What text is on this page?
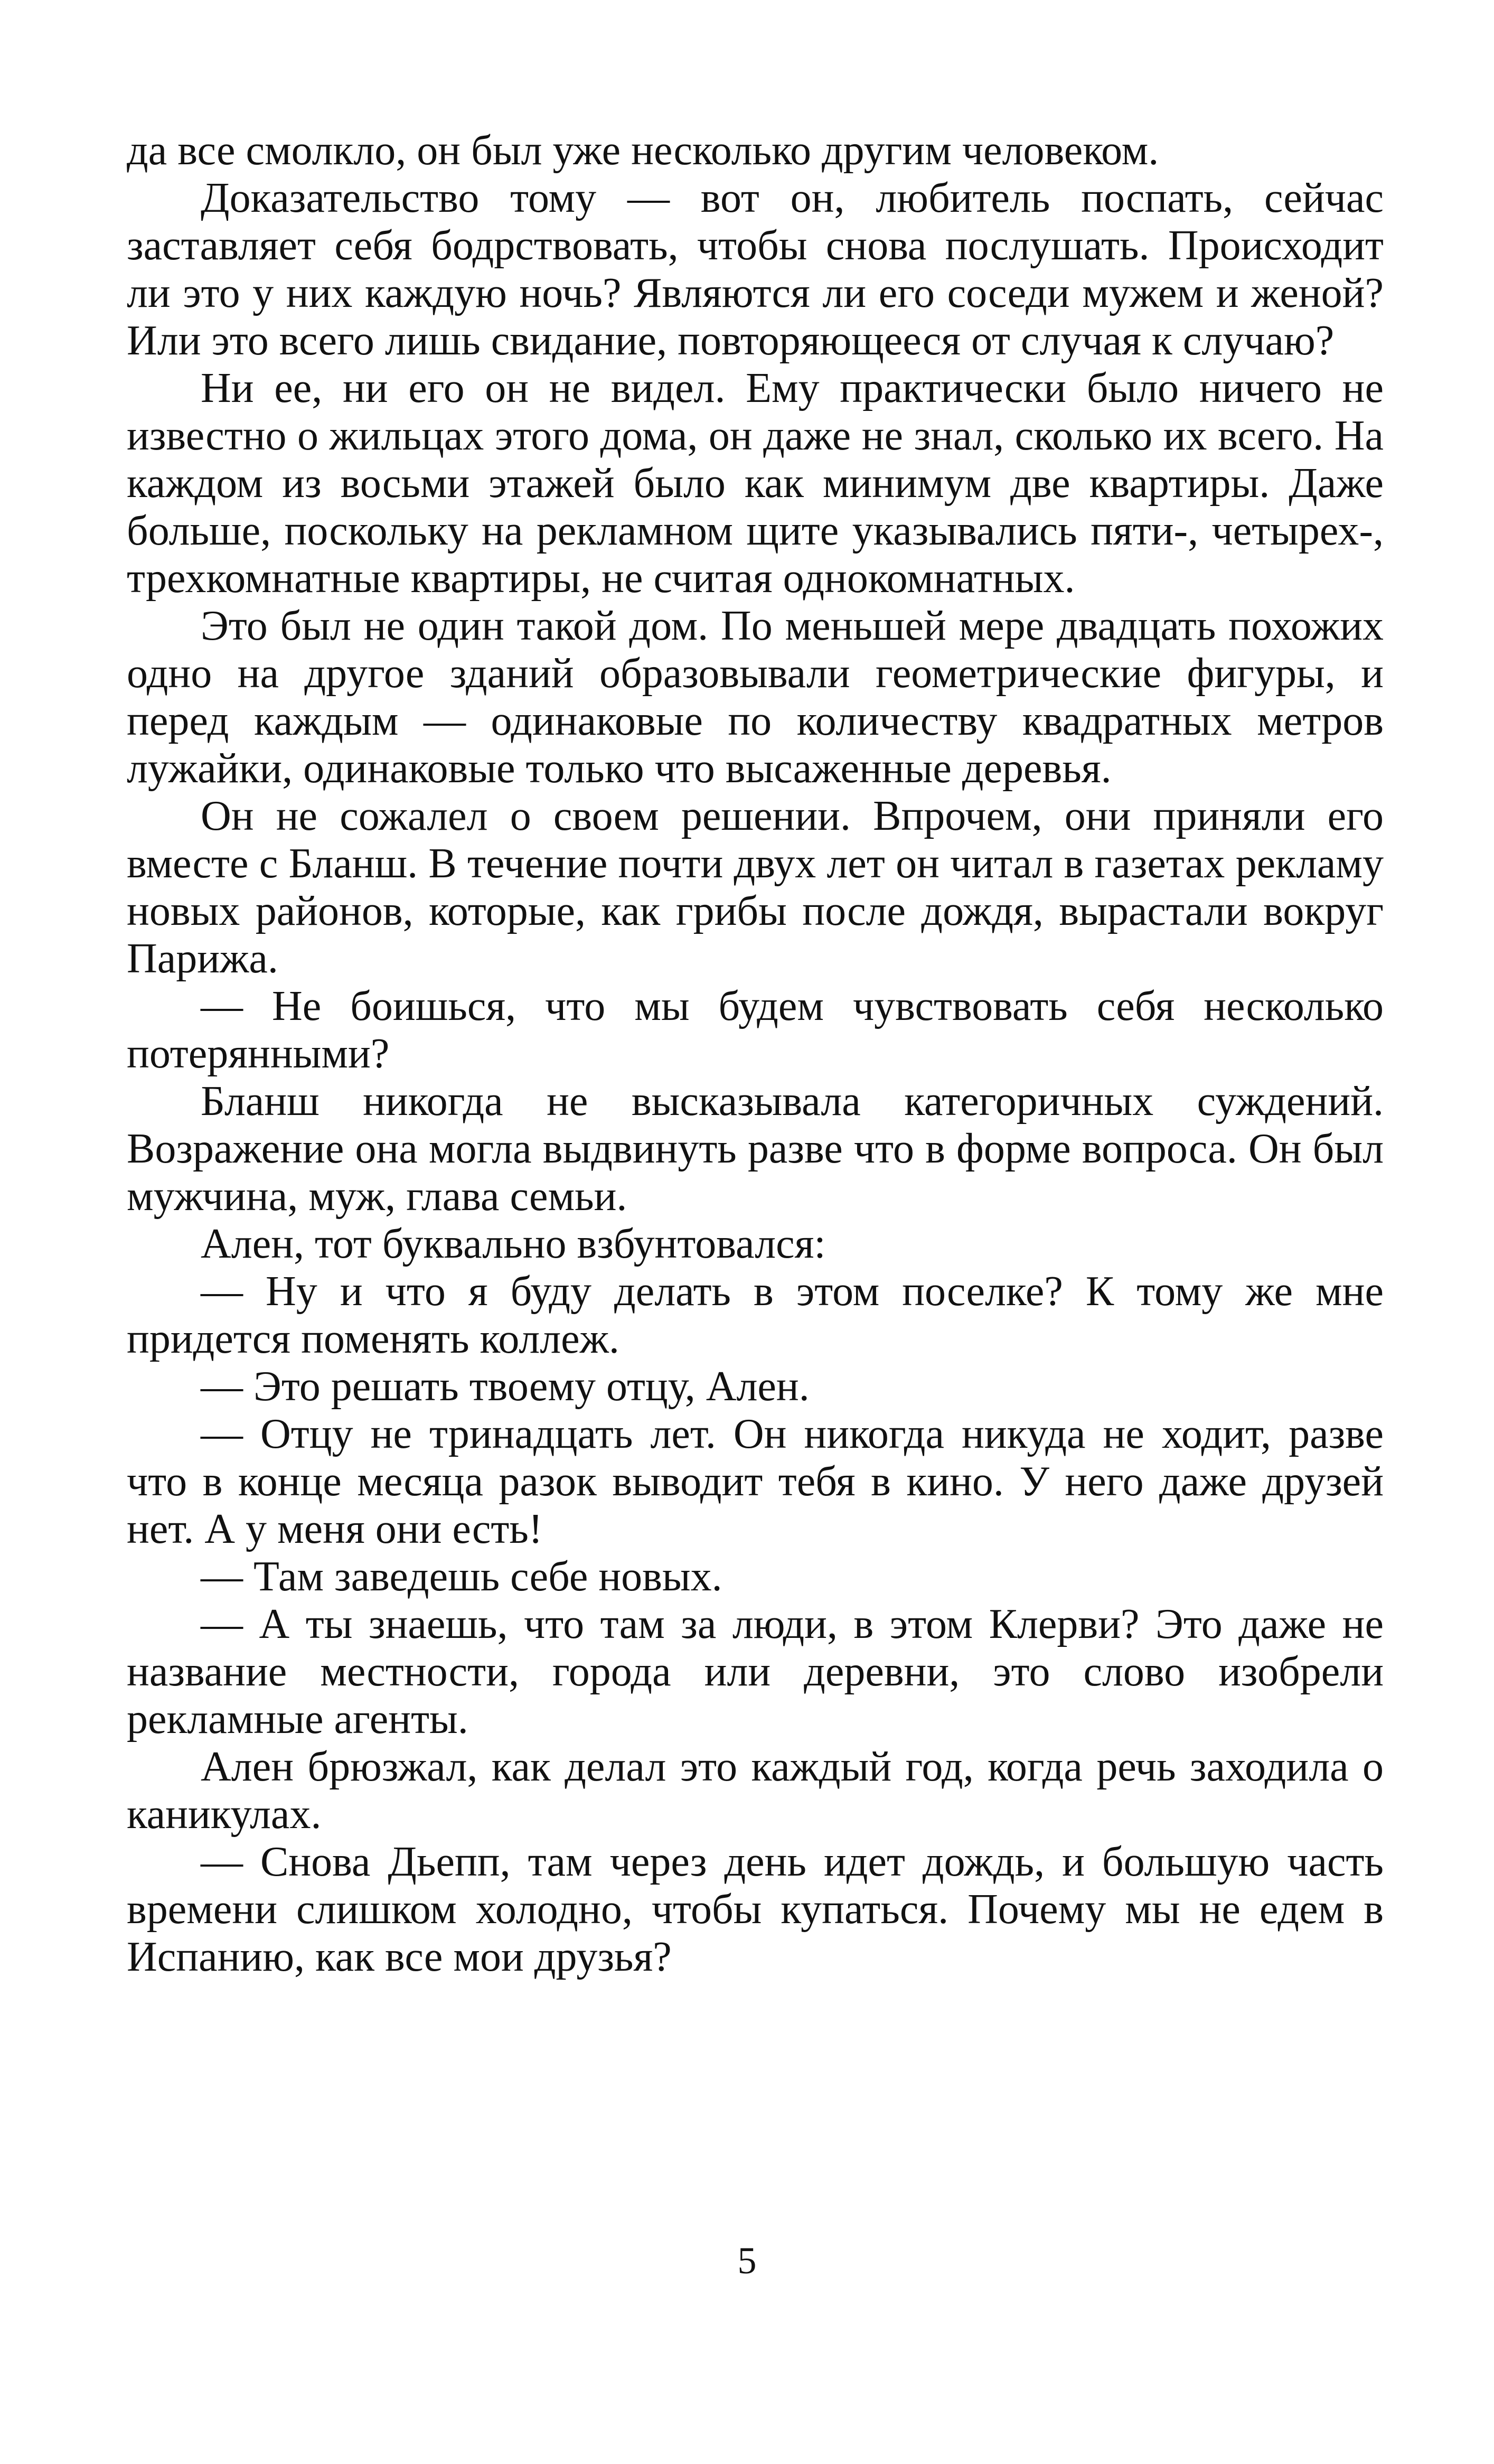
да все смолкло, он был уже несколько другим человеком.

Доказательство тому — вот он, любитель поспать, сейчас заставляет себя бодрствовать, чтобы снова послушать. Происходит ли это у них каждую ночь? Являются ли его соседи мужем и женой? Или это всего лишь свидание, повторяющееся от случая к случаю?

Ни ее, ни его он не видел. Ему практически было ничего не известно о жильцах этого дома, он даже не знал, сколько их всего. На каждом из восьми этажей было как минимум две квартиры. Даже больше, поскольку на рекламном щите указывались пяти-, четырех-, трехкомнатные квартиры, не считая однокомнатных.

Это был не один такой дом. По меньшей мере двадцать похожих одно на другое зданий образовывали геометрические фигуры, и перед каждым — одинаковые по количеству квадратных метров лужайки, одинаковые только что высаженные деревья.

Он не сожалел о своем решении. Впрочем, они приняли его вместе с Бланш. В течение почти двух лет он читал в газетах рекламу новых районов, которые, как грибы после дождя, вырастали вокруг Парижа.

— Не боишься, что мы будем чувствовать себя несколько потерянными?

Бланш никогда не высказывала категоричных суждений. Возражение она могла выдвинуть разве что в форме вопроса. Он был мужчина, муж, глава семьи.

Ален, тот буквально взбунтовался:

— Ну и что я буду делать в этом поселке? К тому же мне придется поменять коллеж.

— Это решать твоему отцу, Ален.

— Отцу не тринадцать лет. Он никогда никуда не ходит, разве что в конце месяца разок выводит тебя в кино. У него даже друзей нет. А у меня они есть!

— Там заведешь себе новых.

— А ты знаешь, что там за люди, в этом Клерви? Это даже не название местности, города или деревни, это слово изобрели рекламные агенты.

Ален брюзжал, как делал это каждый год, когда речь заходила о каникулах.

— Снова Дьепп, там через день идет дождь, и большую часть времени слишком холодно, чтобы купаться. Почему мы не едем в Испанию, как все мои друзья?

5
